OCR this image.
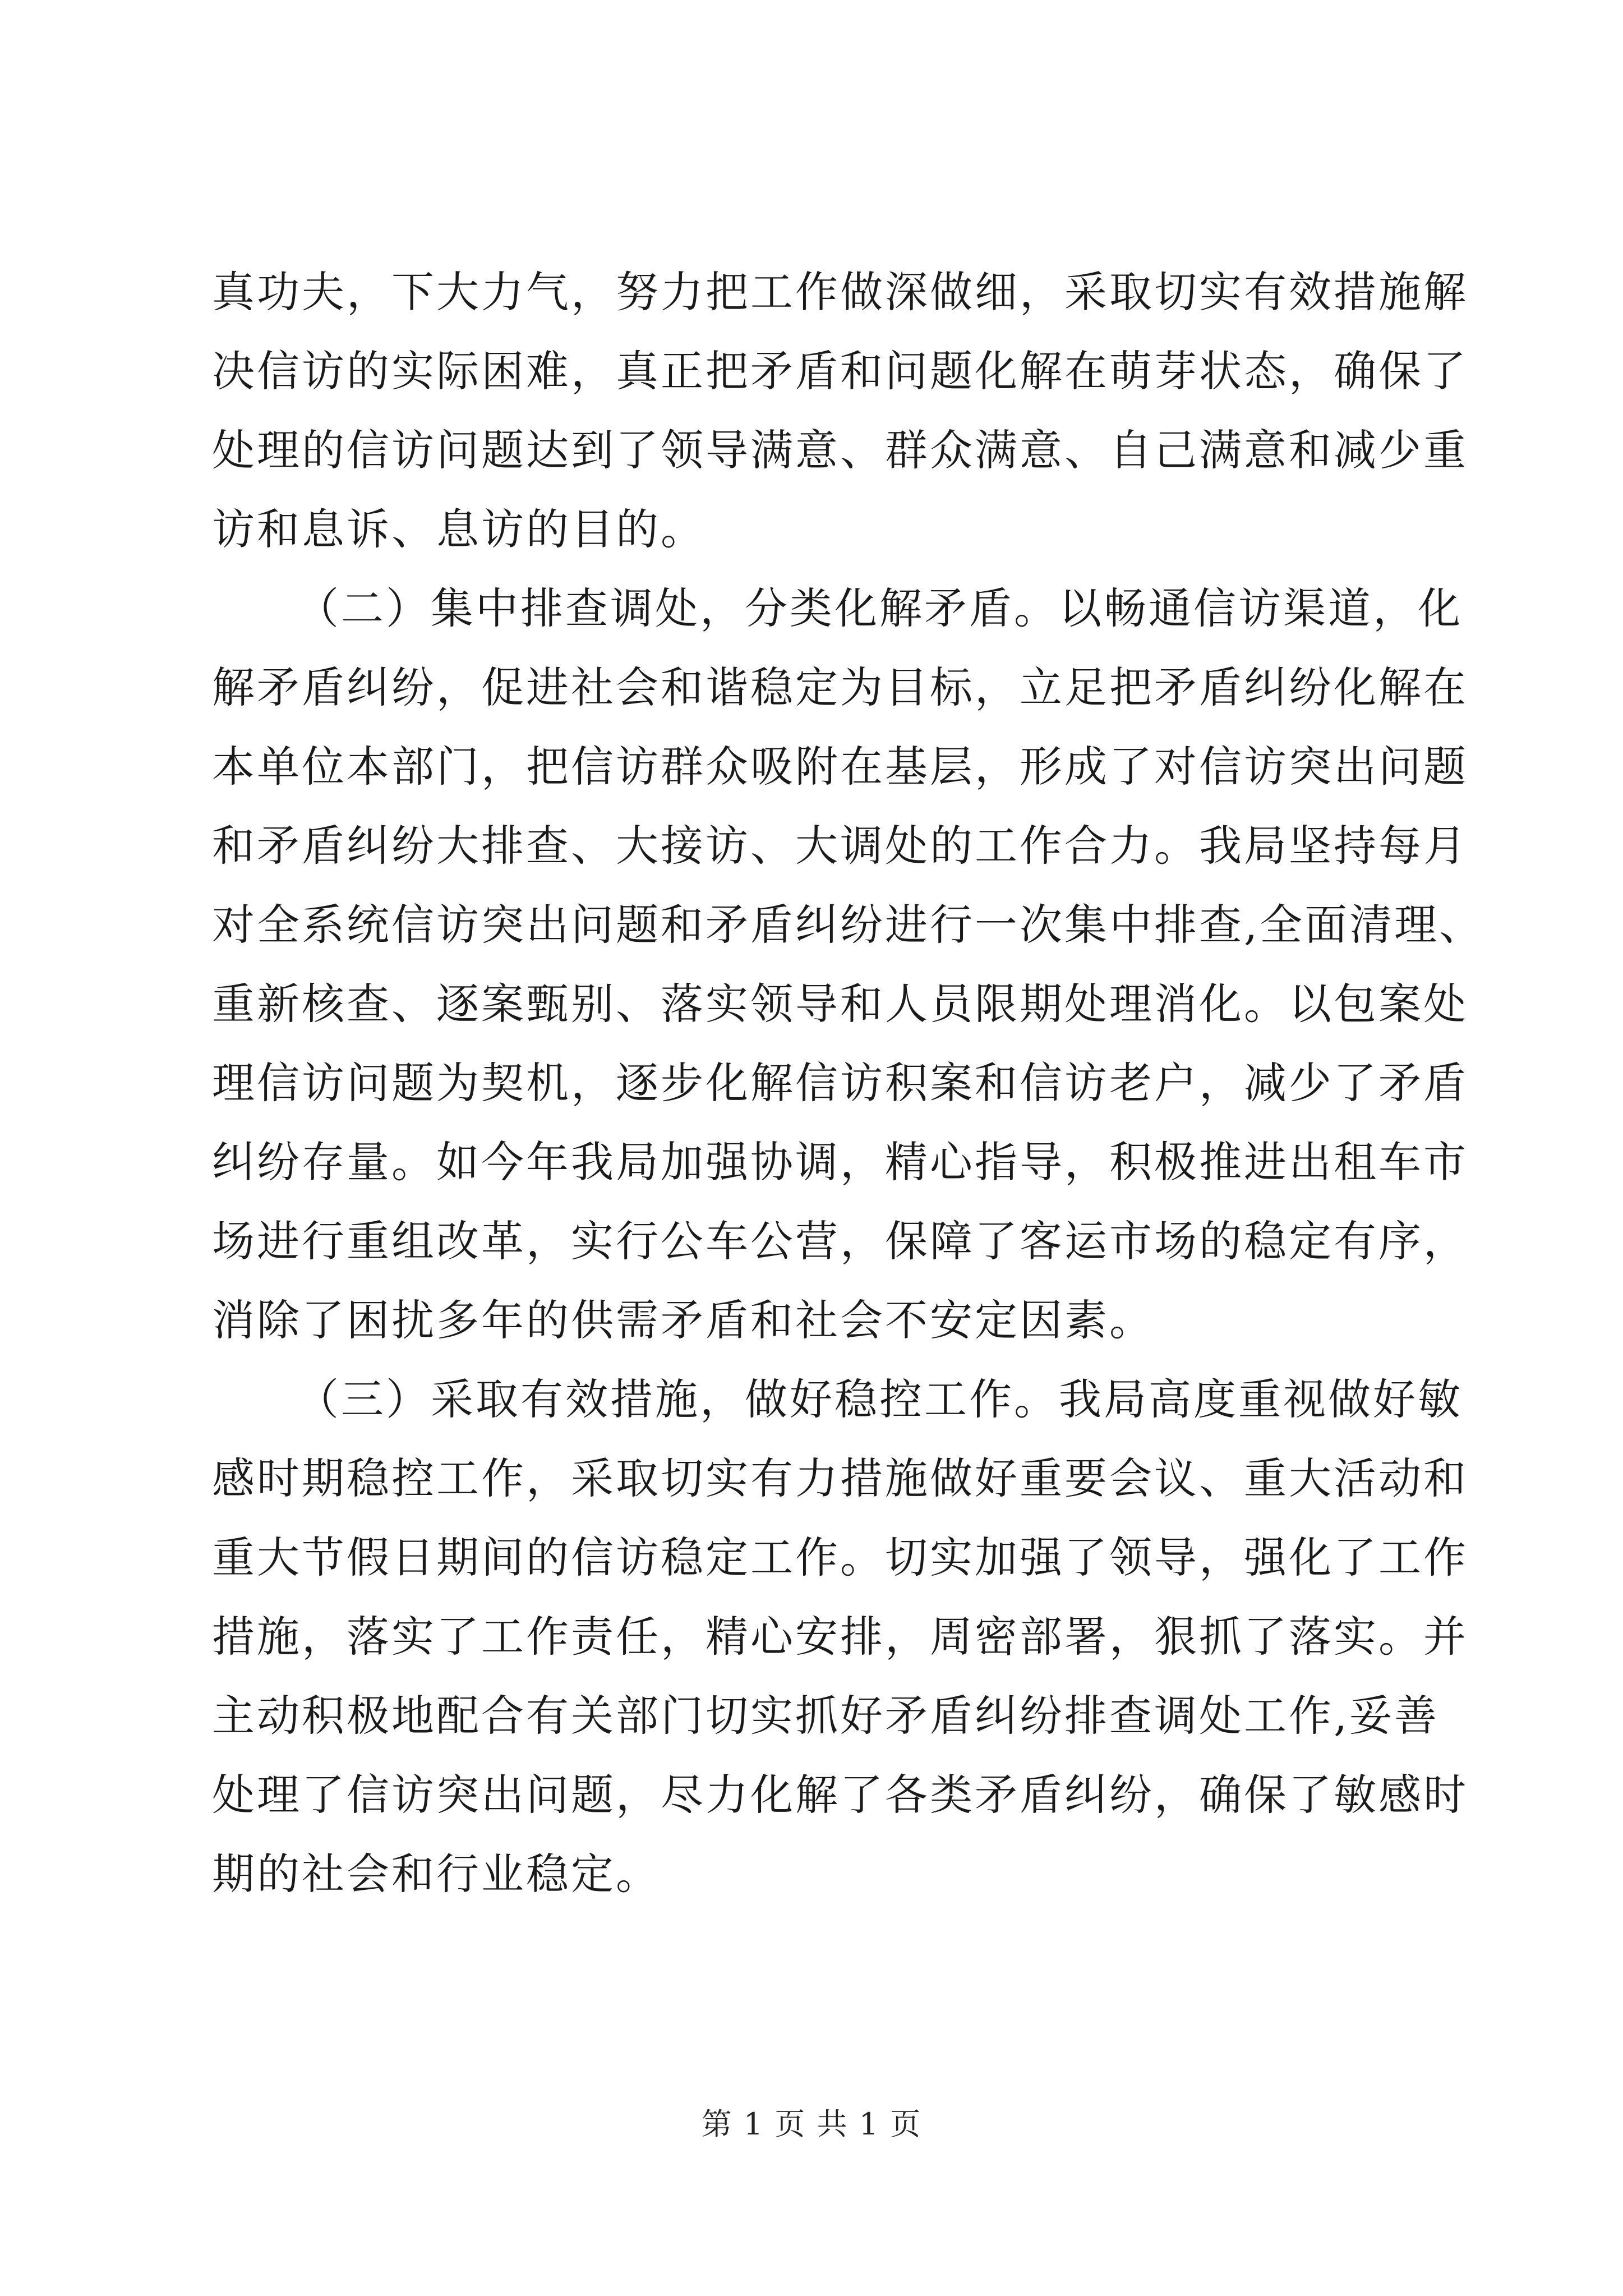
真功夫，下大力气，努力把工作做深做细，采取切实有效措施解
决信访的实际困难，真正把矛盾和问题化解在萌芽状态，确保了
处理的信访问题达到了领导满意、群众满意、自己满意和减少重
访和息诉、息访的目的。
（二）集中排查调处，分类化解矛盾。以畅通信访渠道，化
解矛盾纠纷，促进社会和谐稳定为目标，立足把矛盾纠纷化解在
本单位本部门，把信访群众吸附在基层，形成了对信访突出问题
和矛盾纠纷大排查、大接访、大调处的工作合力。我局坚持每月
对全系统信访突出问题和矛盾纠纷进行一次集中排查,全面清理、
重新核查、逐案甄别、落实领导和人员限期处理消化。以包案处
理信访问题为契机，逐步化解信访积案和信访老户，减少了矛盾
纠纷存量。如今年我局加强协调，精心指导，积极推进出租车市
场进行重组改革，实行公车公营，保障了客运市场的稳定有序，
消除了困扰多年的供需矛盾和社会不安定因素。
（三）采取有效措施，做好稳控工作。我局高度重视做好敏
感时期稳控工作，采取切实有力措施做好重要会议、重大活动和
重大节假日期间的信访稳定工作。切实加强了领导，强化了工作
措施，落实了工作责任，精心安排，周密部署，狠抓了落实。并
主动积极地配合有关部门切实抓好矛盾纠纷排查调处工作,妥善
处理了信访突出问题，尽力化解了各类矛盾纠纷，确保了敏感时
期的社会和行业稳定。
第 1 页 共 1 页
